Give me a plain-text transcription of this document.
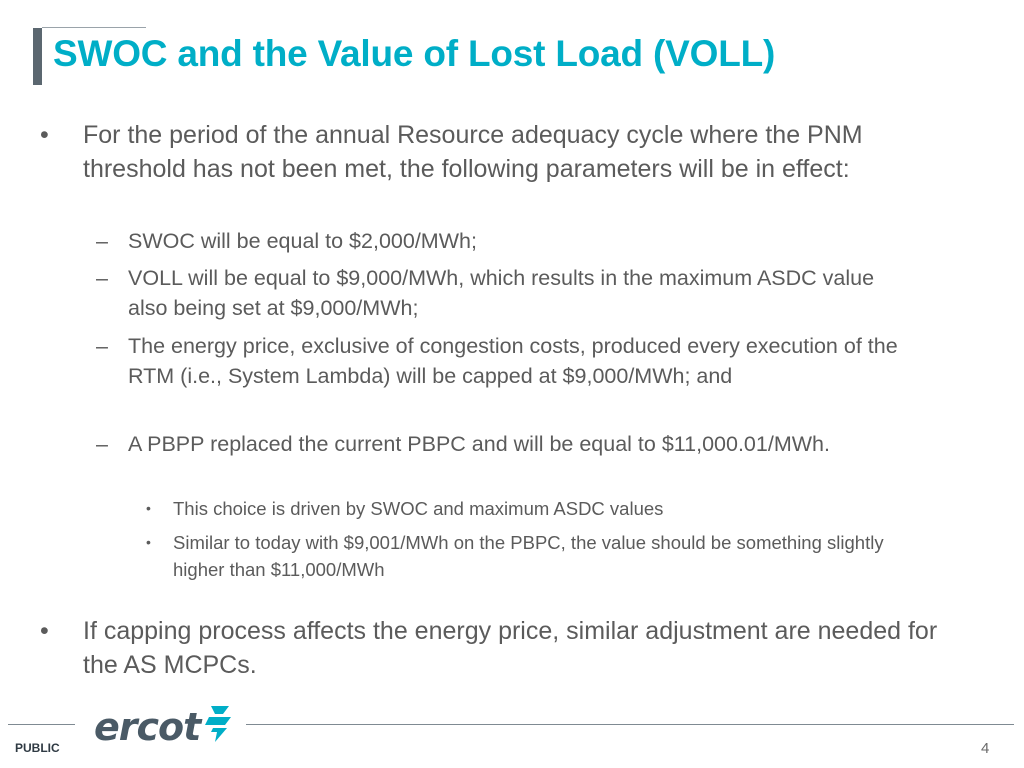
SWOC and the Value of Lost Load (VOLL)
• For the period of the annual Resource adequacy cycle where the PNM threshold has not been met, the following parameters will be in effect:
– SWOC will be equal to $2,000/MWh;
– VOLL will be equal to $9,000/MWh, which results in the maximum ASDC value also being set at $9,000/MWh;
– The energy price, exclusive of congestion costs, produced every execution of the RTM (i.e., System Lambda) will be capped at $9,000/MWh; and
– A PBPP replaced the current PBPC and will be equal to $11,000.01/MWh.
• This choice is driven by SWOC and maximum ASDC values
• Similar to today with $9,001/MWh on the PBPC, the value should be something slightly higher than $11,000/MWh
• If capping process affects the energy price, similar adjustment are needed for the AS MCPCs.
ercot
PUBLIC	4
